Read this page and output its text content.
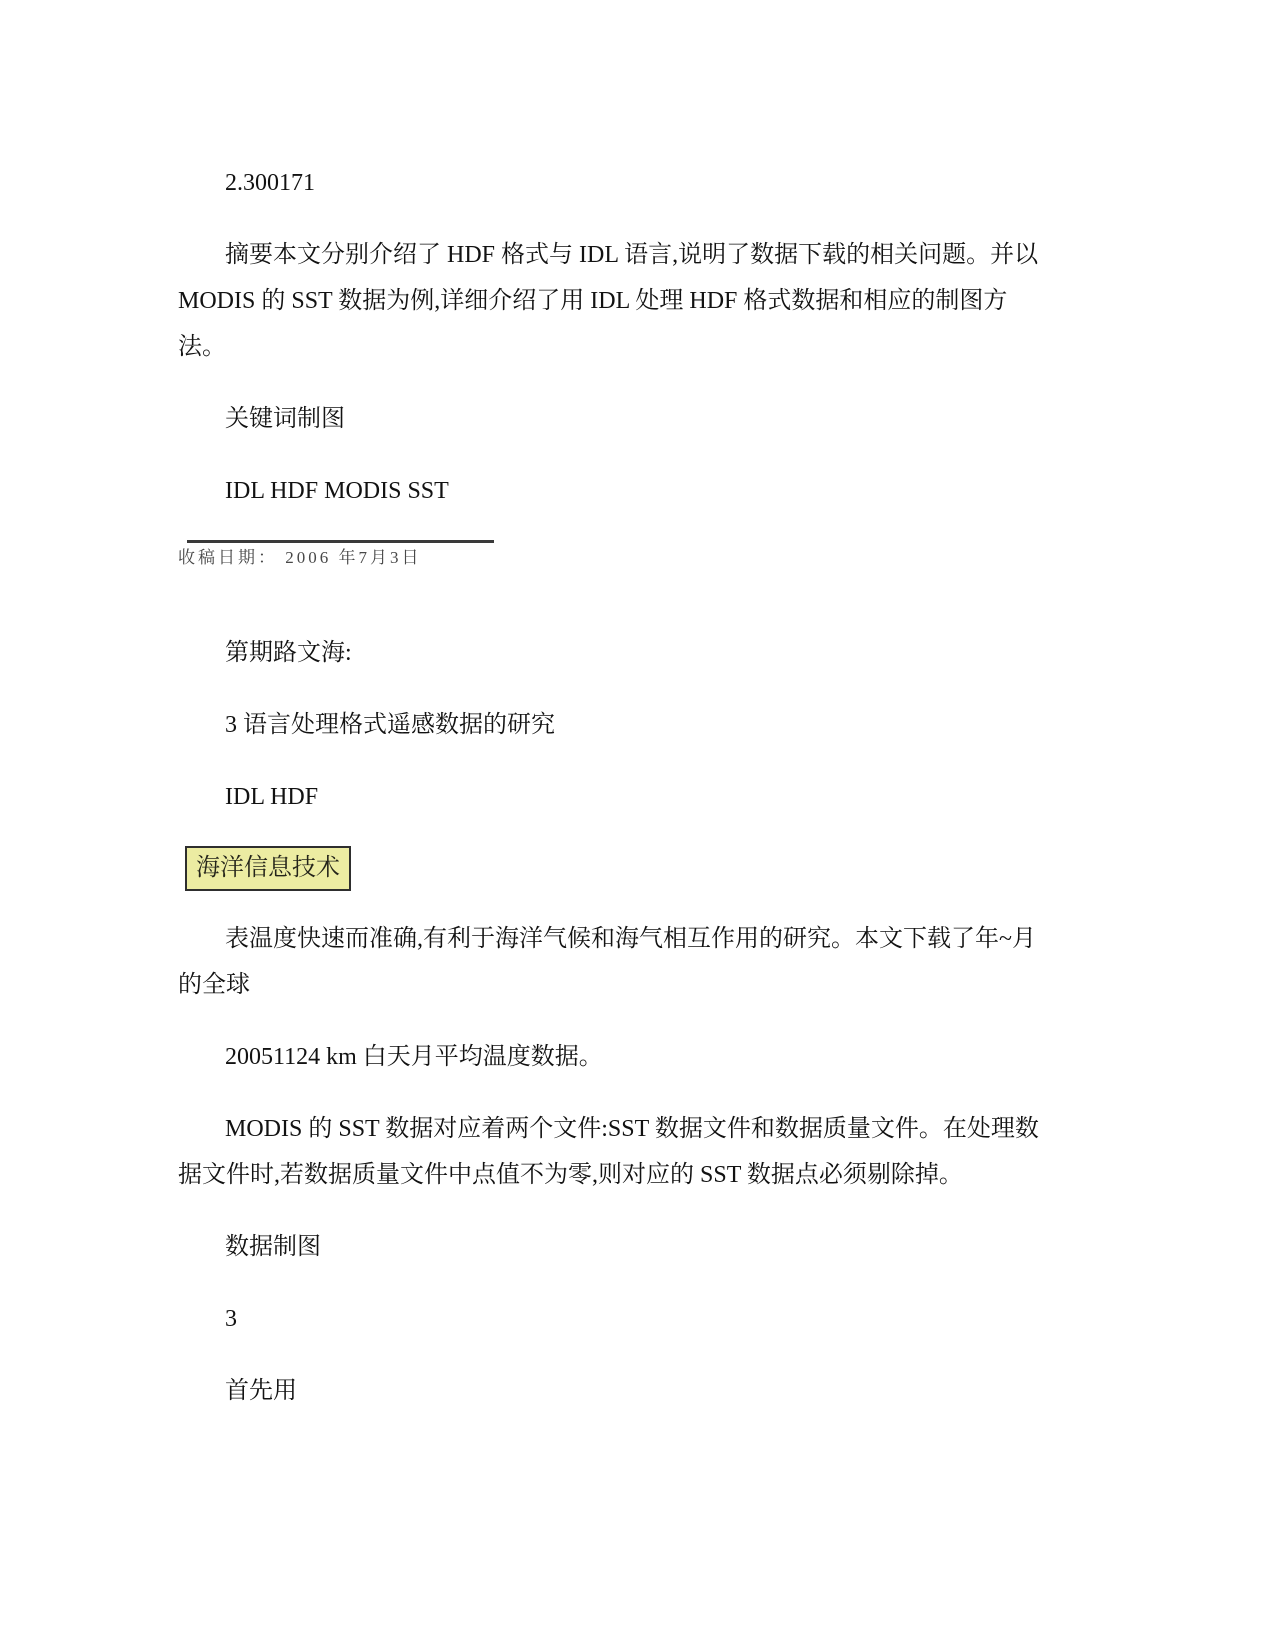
2.300171
摘要本文分别介绍了 HDF 格式与 IDL 语言,说明了数据下载的相关问题。并以
MODIS 的 SST 数据为例,详细介绍了用 IDL 处理 HDF 格式数据和相应的制图方
法。
关键词制图
IDL HDF MODIS SST
收稿日期： 2006 年7月3日
第期路文海:
3 语言处理格式遥感数据的研究
IDL HDF
海洋信息技术
表温度快速而准确,有利于海洋气候和海气相互作用的研究。本文下载了年~月
的全球
20051124 km 白天月平均温度数据。
MODIS 的 SST 数据对应着两个文件:SST 数据文件和数据质量文件。在处理数
据文件时,若数据质量文件中点值不为零,则对应的 SST 数据点必须剔除掉。
数据制图
3
首先用
